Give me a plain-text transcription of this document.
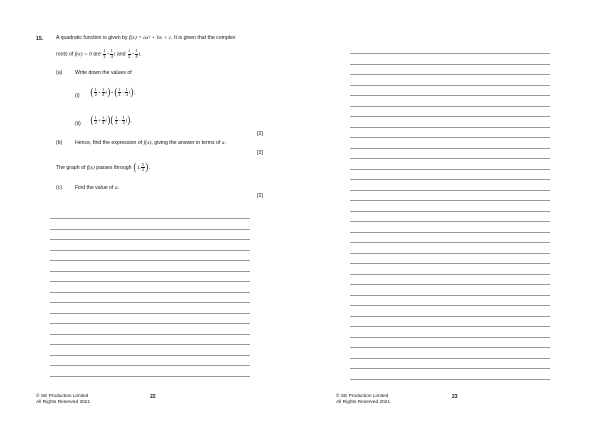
15. A quadratic function is given by f(x) = ax² + bx + c. It is given that the complex
roots of f(x) = 0 are $\frac{1}{2} + \frac{1}{4}$ i and $\frac{1}{2} - \frac{1}{4} i$.
(a) Write down the values of
(i) ( $\frac{1}{2} + \frac{1}{4} i)+( \frac{1}{2} - \frac{1}{4} i)$;
(ii) ( $\frac{1}{2} + \frac{1}{4} i)( \frac{1}{2} - \frac{1}{4} i)$.
[2]
(b) Hence, find the expression of f(x), giving the answer in terms of a.
[3]
The graph of f(x) passes through (1, $\frac{5}{2}$ ).
(c) Find the value of a.
[2]
© SE Production Limited
All Rights Reserved 2021
22	© SE Production Limited
All Rights Reserved 2021
23
